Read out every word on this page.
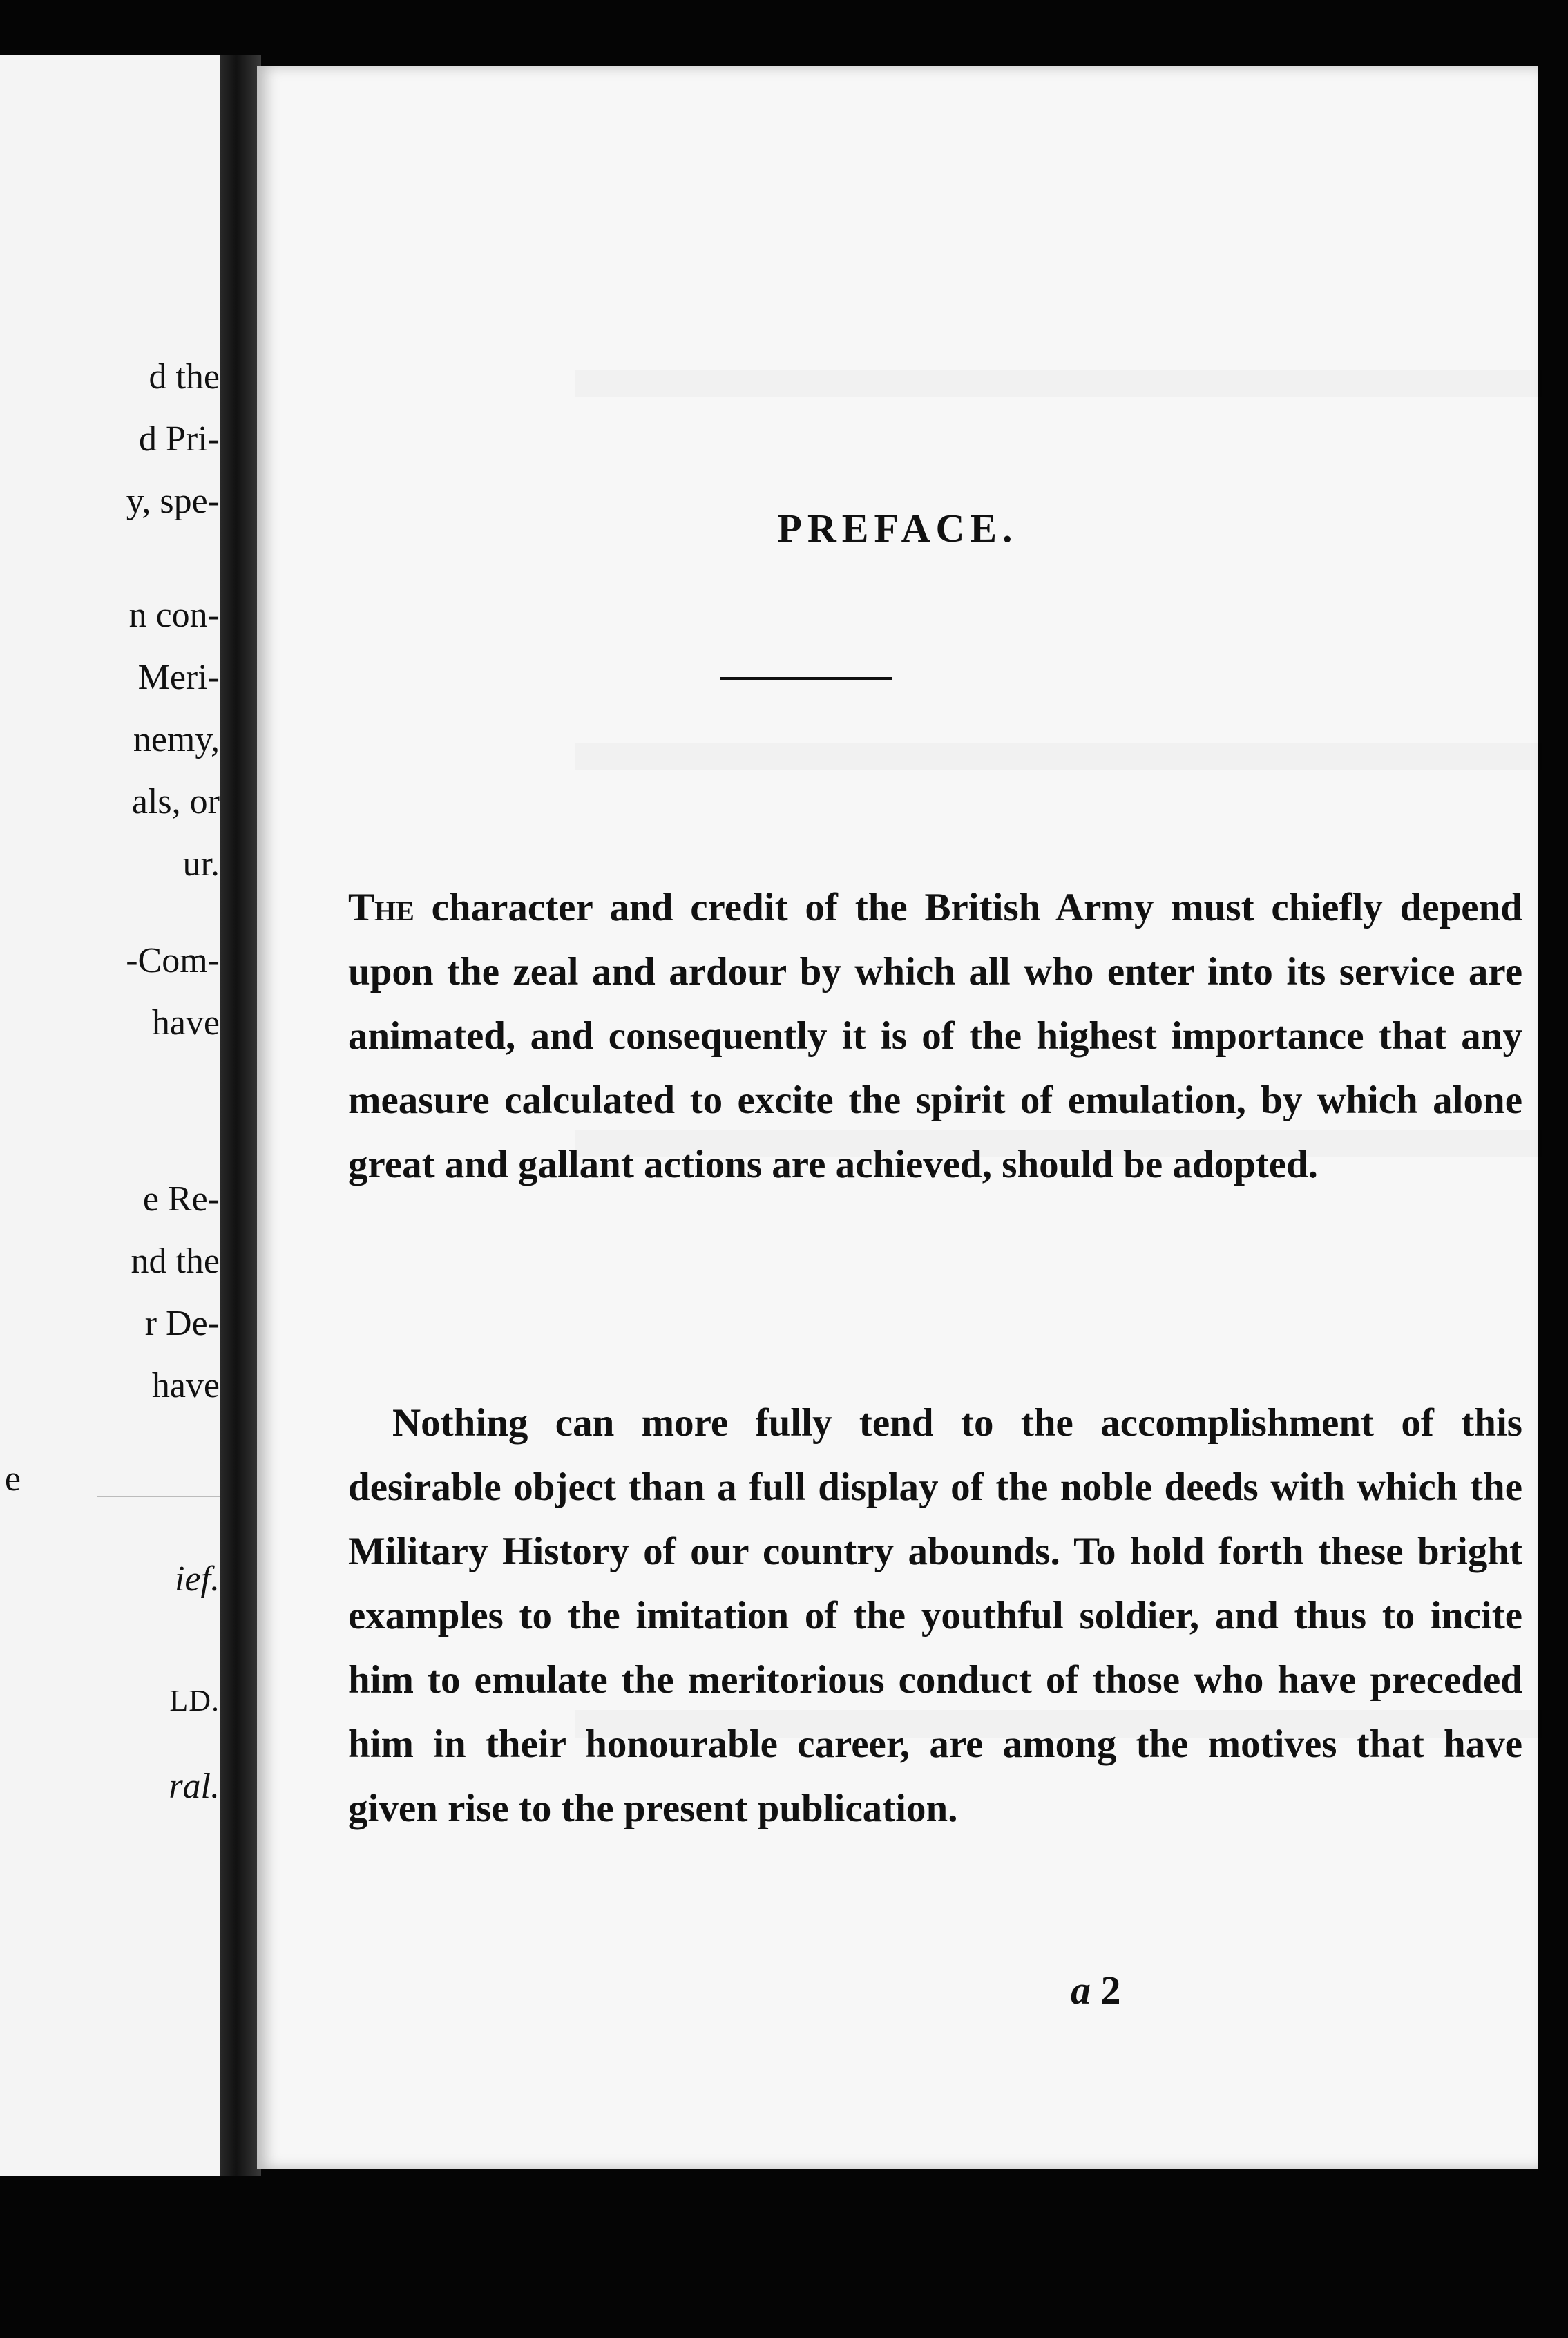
d the
d Pri-
y, spe-
n con-
Meri-
nemy,
als, or
ur.
-Com-
have
e Re-
nd the
r De-
have
e
ief.
LD.
ral.
PREFACE.

The character and credit of the British Army must chiefly depend upon the zeal and ardour by which all who enter into its service are animated, and consequently it is of the highest importance that any measure calculated to excite the spirit of emulation, by which alone great and gallant actions are achieved, should be adopted.

Nothing can more fully tend to the accomplishment of this desirable object than a full display of the noble deeds with which the Military History of our country abounds. To hold forth these bright examples to the imitation of the youthful soldier, and thus to incite him to emulate the meritorious conduct of those who have preceded him in their honourable career, are among the motives that have given rise to the present publication.

a 2
